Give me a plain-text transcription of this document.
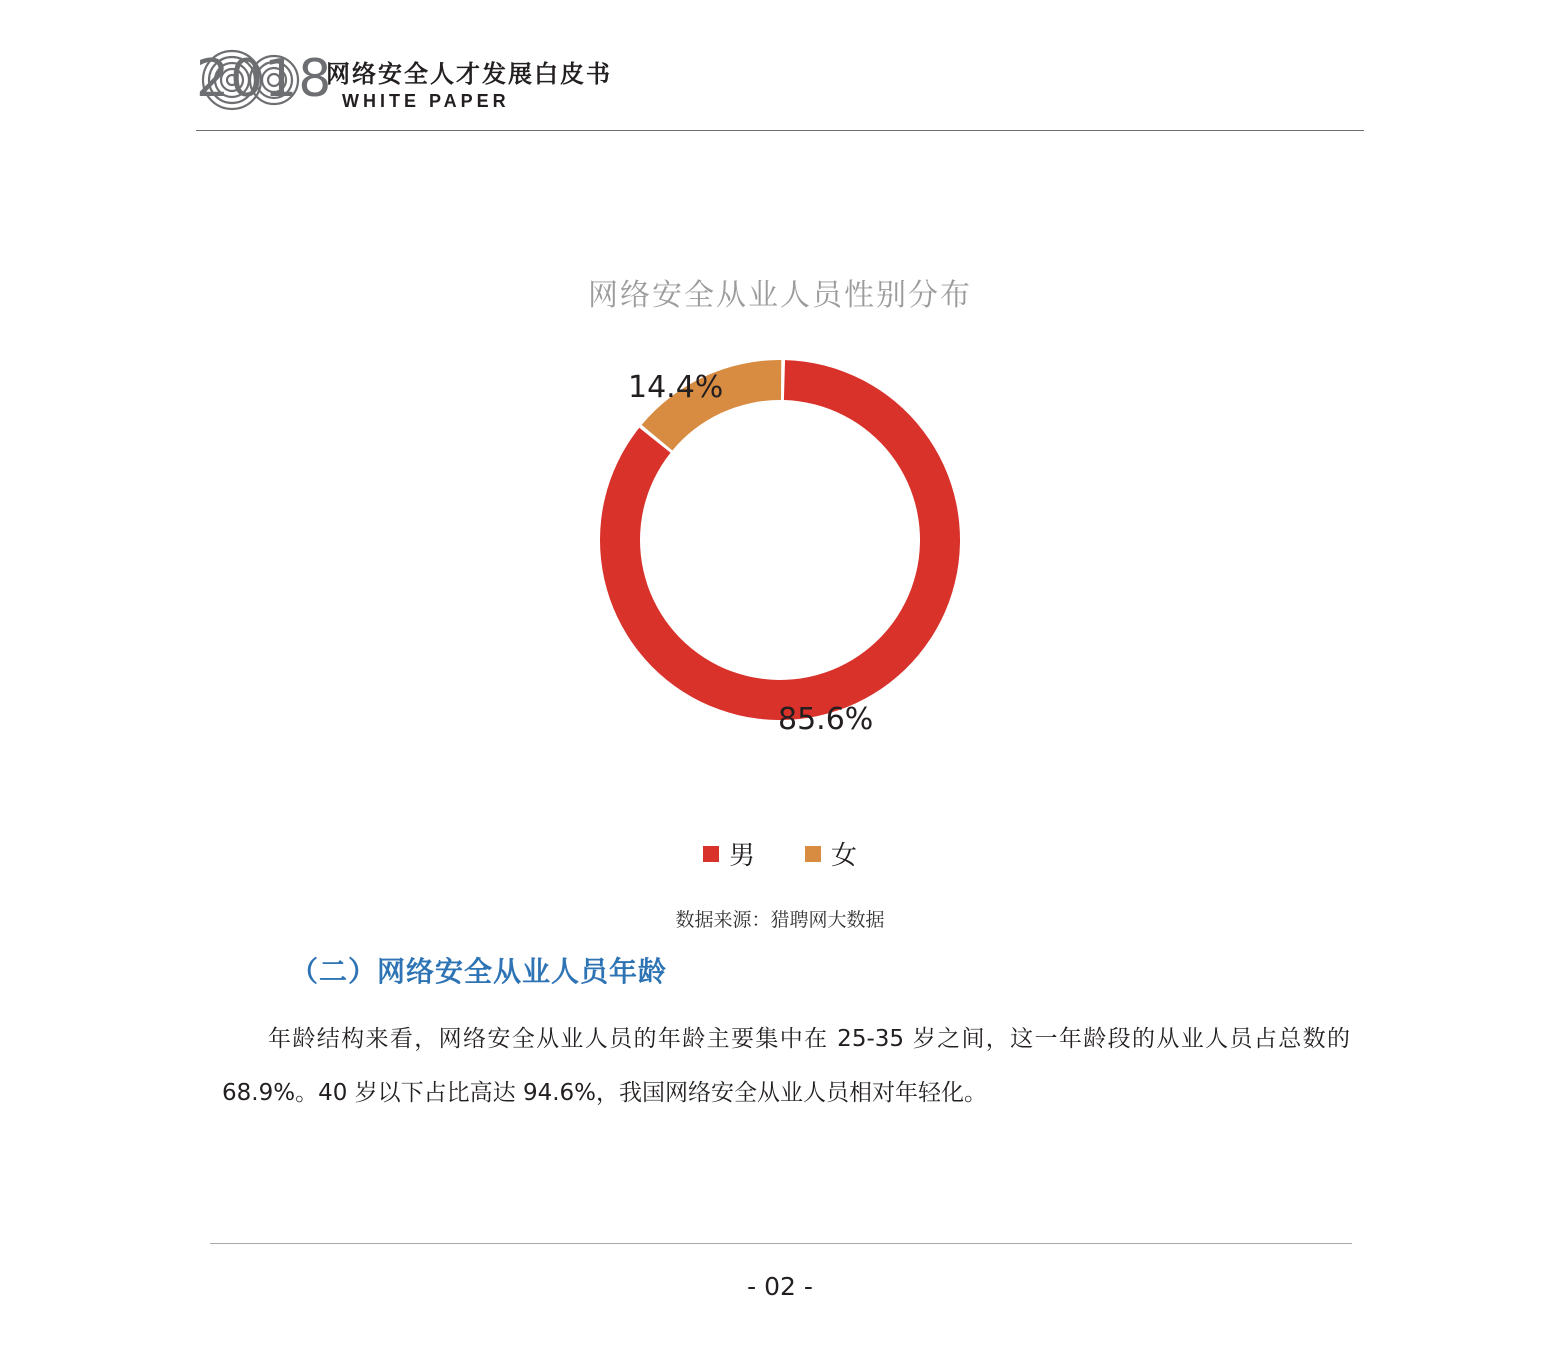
2018
网络安全人才发展白皮书
WHITE PAPER
网络安全从业人员性别分布
14.4%
85.6%
男	女
数据来源：猎聘网大数据
（二）网络安全从业人员年龄
年龄结构来看，网络安全从业人员的年龄主要集中在 25-35 岁之间，这一年龄段的从业人员占总数的 68.9%。40 岁以下占比高达 94.6%，我国网络安全从业人员相对年轻化。
- 02 -
